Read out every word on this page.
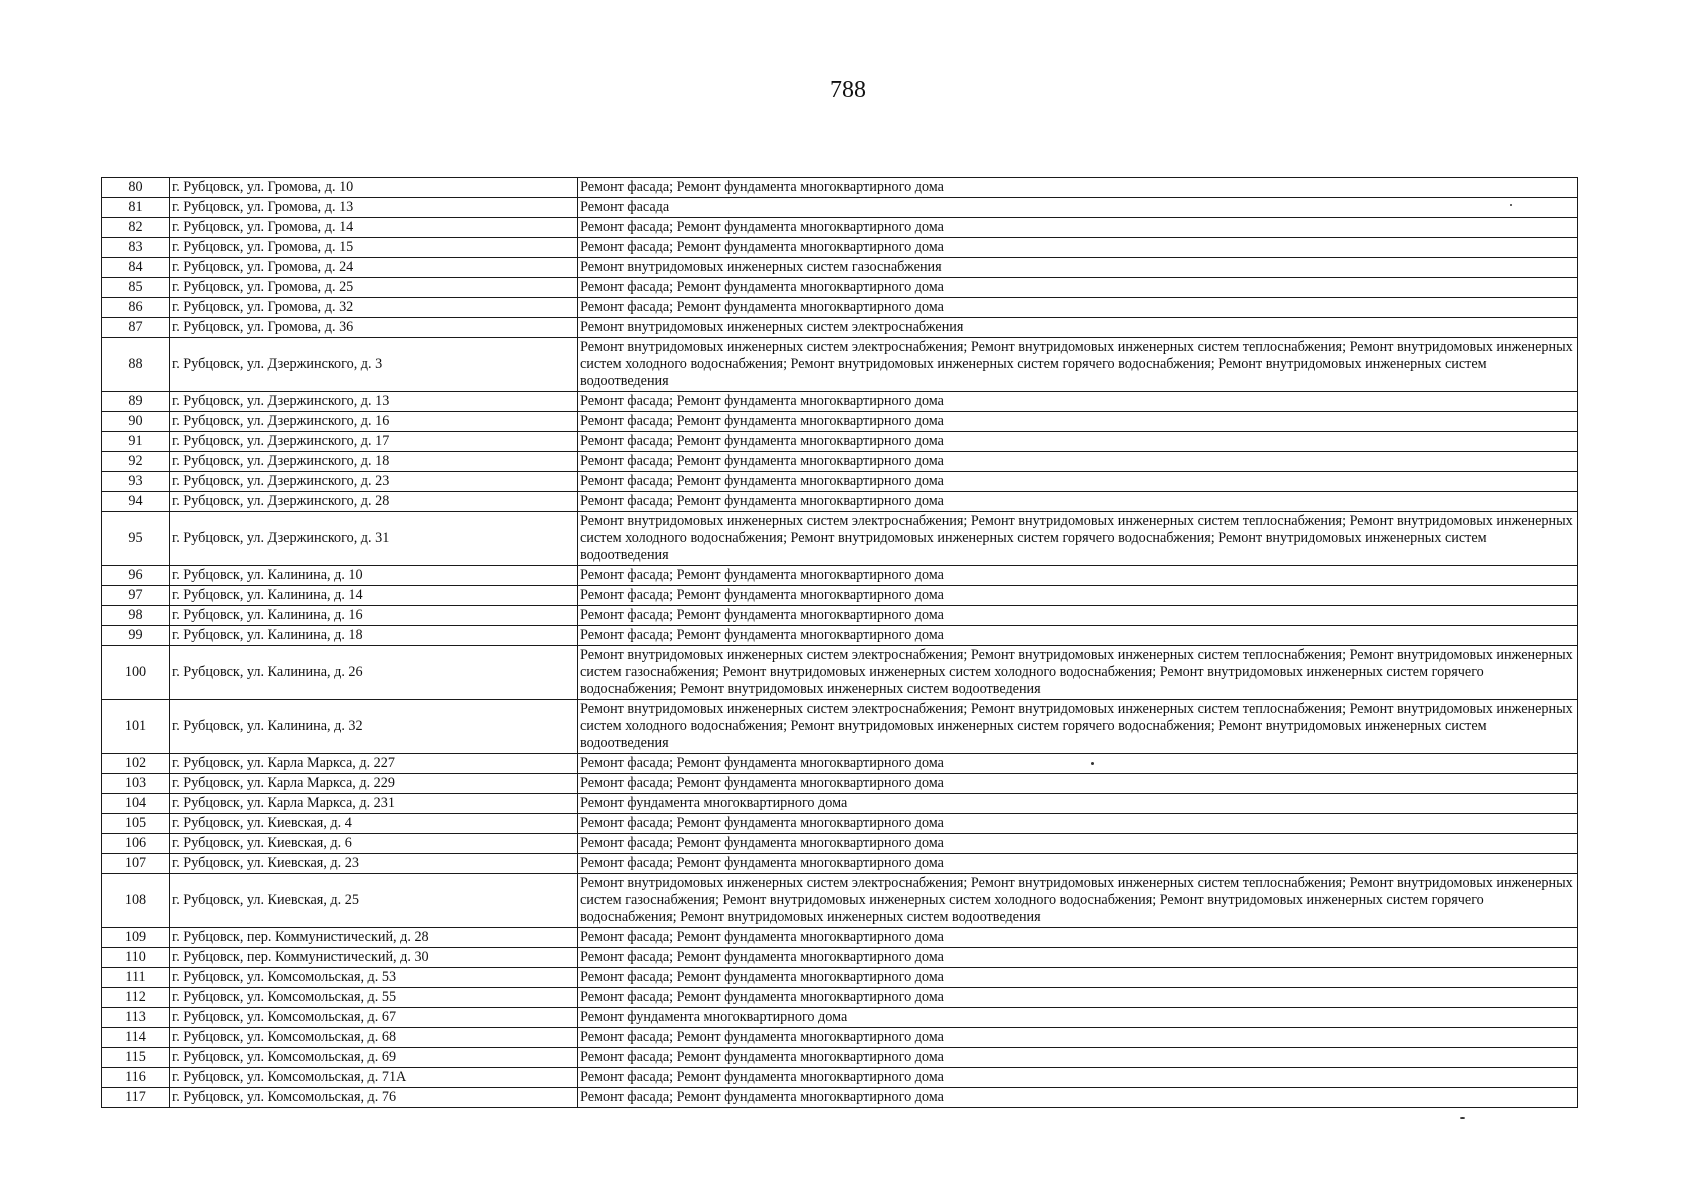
788
80	г. Рубцовск, ул. Громова, д. 10	Ремонт фасада; Ремонт фундамента многоквартирного дома
81	г. Рубцовск, ул. Громова, д. 13	Ремонт фасада
82	г. Рубцовск, ул. Громова, д. 14	Ремонт фасада; Ремонт фундамента многоквартирного дома
83	г. Рубцовск, ул. Громова, д. 15	Ремонт фасада; Ремонт фундамента многоквартирного дома
84	г. Рубцовск, ул. Громова, д. 24	Ремонт внутридомовых инженерных систем газоснабжения
85	г. Рубцовск, ул. Громова, д. 25	Ремонт фасада; Ремонт фундамента многоквартирного дома
86	г. Рубцовск, ул. Громова, д. 32	Ремонт фасада; Ремонт фундамента многоквартирного дома
87	г. Рубцовск, ул. Громова, д. 36	Ремонт внутридомовых инженерных систем электроснабжения
88	г. Рубцовск, ул. Дзержинского, д. 3	Ремонт внутридомовых инженерных систем электроснабжения; Ремонт внутридомовых инженерных систем теплоснабжения; Ремонт внутридомовых инженерных систем холодного водоснабжения; Ремонт внутридомовых инженерных систем горячего водоснабжения; Ремонт внутридомовых инженерных систем водоотведения
89	г. Рубцовск, ул. Дзержинского, д. 13	Ремонт фасада; Ремонт фундамента многоквартирного дома
90	г. Рубцовск, ул. Дзержинского, д. 16	Ремонт фасада; Ремонт фундамента многоквартирного дома
91	г. Рубцовск, ул. Дзержинского, д. 17	Ремонт фасада; Ремонт фундамента многоквартирного дома
92	г. Рубцовск, ул. Дзержинского, д. 18	Ремонт фасада; Ремонт фундамента многоквартирного дома
93	г. Рубцовск, ул. Дзержинского, д. 23	Ремонт фасада; Ремонт фундамента многоквартирного дома
94	г. Рубцовск, ул. Дзержинского, д. 28	Ремонт фасада; Ремонт фундамента многоквартирного дома
95	г. Рубцовск, ул. Дзержинского, д. 31	Ремонт внутридомовых инженерных систем электроснабжения; Ремонт внутридомовых инженерных систем теплоснабжения; Ремонт внутридомовых инженерных систем холодного водоснабжения; Ремонт внутридомовых инженерных систем горячего водоснабжения; Ремонт внутридомовых инженерных систем водоотведения
96	г. Рубцовск, ул. Калинина, д. 10	Ремонт фасада; Ремонт фундамента многоквартирного дома
97	г. Рубцовск, ул. Калинина, д. 14	Ремонт фасада; Ремонт фундамента многоквартирного дома
98	г. Рубцовск, ул. Калинина, д. 16	Ремонт фасада; Ремонт фундамента многоквартирного дома
99	г. Рубцовск, ул. Калинина, д. 18	Ремонт фасада; Ремонт фундамента многоквартирного дома
100	г. Рубцовск, ул. Калинина, д. 26	Ремонт внутридомовых инженерных систем электроснабжения; Ремонт внутридомовых инженерных систем теплоснабжения; Ремонт внутридомовых инженерных систем газоснабжения; Ремонт внутридомовых инженерных систем холодного водоснабжения; Ремонт внутридомовых инженерных систем горячего водоснабжения; Ремонт внутридомовых инженерных систем водоотведения
101	г. Рубцовск, ул. Калинина, д. 32	Ремонт внутридомовых инженерных систем электроснабжения; Ремонт внутридомовых инженерных систем теплоснабжения; Ремонт внутридомовых инженерных систем холодного водоснабжения; Ремонт внутридомовых инженерных систем горячего водоснабжения; Ремонт внутридомовых инженерных систем водоотведения
102	г. Рубцовск, ул. Карла Маркса, д. 227	Ремонт фасада; Ремонт фундамента многоквартирного дома
103	г. Рубцовск, ул. Карла Маркса, д. 229	Ремонт фасада; Ремонт фундамента многоквартирного дома
104	г. Рубцовск, ул. Карла Маркса, д. 231	Ремонт фундамента многоквартирного дома
105	г. Рубцовск, ул. Киевская, д. 4	Ремонт фасада; Ремонт фундамента многоквартирного дома
106	г. Рубцовск, ул. Киевская, д. 6	Ремонт фасада; Ремонт фундамента многоквартирного дома
107	г. Рубцовск, ул. Киевская, д. 23	Ремонт фасада; Ремонт фундамента многоквартирного дома
108	г. Рубцовск, ул. Киевская, д. 25	Ремонт внутридомовых инженерных систем электроснабжения; Ремонт внутридомовых инженерных систем теплоснабжения; Ремонт внутридомовых инженерных систем газоснабжения; Ремонт внутридомовых инженерных систем холодного водоснабжения; Ремонт внутридомовых инженерных систем горячего водоснабжения; Ремонт внутридомовых инженерных систем водоотведения
109	г. Рубцовск, пер. Коммунистический, д. 28	Ремонт фасада; Ремонт фундамента многоквартирного дома
110	г. Рубцовск, пер. Коммунистический, д. 30	Ремонт фасада; Ремонт фундамента многоквартирного дома
111	г. Рубцовск, ул. Комсомольская, д. 53	Ремонт фасада; Ремонт фундамента многоквартирного дома
112	г. Рубцовск, ул. Комсомольская, д. 55	Ремонт фасада; Ремонт фундамента многоквартирного дома
113	г. Рубцовск, ул. Комсомольская, д. 67	Ремонт фундамента многоквартирного дома
114	г. Рубцовск, ул. Комсомольская, д. 68	Ремонт фасада; Ремонт фундамента многоквартирного дома
115	г. Рубцовск, ул. Комсомольская, д. 69	Ремонт фасада; Ремонт фундамента многоквартирного дома
116	г. Рубцовск, ул. Комсомольская, д. 71А	Ремонт фасада; Ремонт фундамента многоквартирного дома
117	г. Рубцовск, ул. Комсомольская, д. 76	Ремонт фасада; Ремонт фундамента многоквартирного дома
